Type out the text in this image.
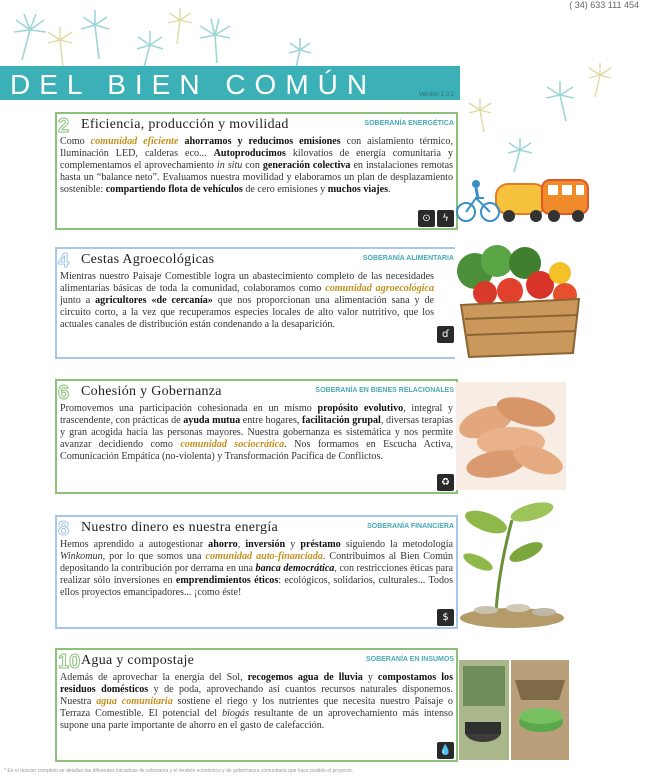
( 34) 633 111 454
DEL BIEN COMÚN	Versión 2.0.2
2 Eficiencia, producción y movilidad	SOBERANÍA ENERGÉTICA
Como comunidad eficiente ahorramos y reducimos emisiones con aislamiento térmico, Iluminación LED, calderas eco... Autoproducimos kilovatios de energía comunitaria y complementamos el aprovechamiento in situ con generación colectiva en instalaciones remotas hasta un “balance neto”. Evaluamos nuestra movilidad y elaboramos un plan de desplazamiento sostenible: compartiendo flota de vehículos de cero emisiones y muchos viajes.
⊙	ϟ
4 Cestas Agroecológicas	SOBERANÍA ALIMENTARIA
Mientras nuestro Paisaje Comestible logra un abastecimiento completo de las necesidades alimentarias básicas de toda la comunidad, colaboramos como comunidad agroecológica junto a agricultores «de cercanía» que nos proporcionan una alimentación sana y de circuito corto, a la vez que recuperamos especies locales de alto valor nutritivo, que los actuales canales de distribución están condenando a la desaparición.
ɗ
6 Cohesión y Gobernanza	SOBERANÍA EN BIENES RELACIONALES
Promovemos una participación cohesionada en un mismo propósito evolutivo, integral y trascendente, con prácticas de ayuda mutua entre hogares, facilitación grupal, diversas terapias y gran acogida hacia las personas mayores. Nuestra gobernanza es sistemática y nos permite avanzar decidiendo como comunidad sociocrática. Nos formamos en Escucha Activa, Comunicación Empática (no-violenta) y Transformación Pacífica de Conflictos.
♻
8 Nuestro dinero es nuestra energía	SOBERANÍA FINANCIERA
Hemos aprendido a autogestionar ahorro, inversión y préstamo siguiendo la metodología Winkomun, por lo que somos una comunidad auto-financiada. Contribuimos al Bien Común depositando la contribución por derrama en una banca democrática, con restricciones éticas para realizar sólo inversiones en emprendimientos éticos: ecológicos, solidarios, culturales... Todos ellos proyectos emancipadores... ¡como éste!
$
10 Agua y compostaje	SOBERANÍA EN INSUMOS
Además de aprovechar la energía del Sol, recogemos agua de lluvia y compostamos los residuos domésticos y de poda, aprovechando así cuantos recursos naturales disponemos. Nuestra agua comunitaria sostiene el riego y los nutrientes que necesita nuestro Paisaje o Terraza Comestible. El potencial del biogás resultante de un aprovechamiento más intenso supone una parte importante de ahorro en el gasto de calefacción.
💧
* En el dossier completo se detallan las diferentes iniciativas de soberanía y el modelo económico y de gobernanza comunitaria que hace posible el proyecto.
